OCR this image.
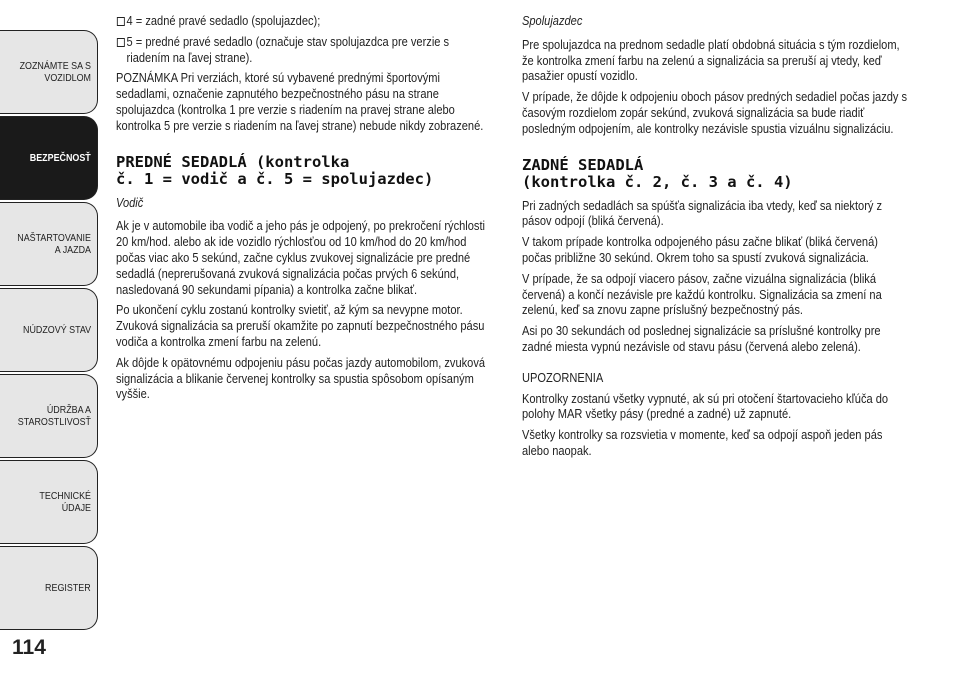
ZOZNÁMTE SA S VOZIDLOM
BEZPEČNOSŤ
NAŠTARTOVANIE A JAZDA
NÚDZOVÝ STAV
ÚDRŽBA A STAROSTLIVOSŤ
TECHNICKÉ ÚDAJE
REGISTER
114

4 = zadné pravé sedadlo (spolujazdec);

5 = predné pravé sedadlo (označuje stav spolujazdca pre verzie s riadením na ľavej strane).

POZNÁMKA Pri verziách, ktoré sú vybavené prednými športovými sedadlami, označenie zapnutého bezpečnostného pásu na strane spolujazdca (kontrolka 1 pre verzie s riadením na pravej strane alebo kontrolka 5 pre verzie s riadením na ľavej strane) nebude nikdy zobrazené.

PREDNÉ SEDADLÁ (kontrolka
č. 1 = vodič a č. 5 = spolujazdec)

Vodič

Ak je v automobile iba vodič a jeho pás je odpojený, po prekročení rýchlosti 20 km/hod. alebo ak ide vozidlo rýchlosťou od 10 km/hod do 20 km/hod počas viac ako 5 sekúnd, začne cyklus zvukovej signalizácie pre predné sedadlá (neprerušovaná zvuková signalizácia počas prvých 6 sekúnd, nasledovaná 90 sekundami pípania) a kontrolka začne blikať.

Po ukončení cyklu zostanú kontrolky svietiť, až kým sa nevypne motor. Zvuková signalizácia sa preruší okamžite po zapnutí bezpečnostného pásu vodiča a kontrolka zmení farbu na zelenú.

Ak dôjde k opätovnému odpojeniu pásu počas jazdy automobilom, zvuková signalizácia a blikanie červenej kontrolky sa spustia spôsobom opísaným vyššie.

Spolujazdec

Pre spolujazdca na prednom sedadle platí obdobná situácia s tým rozdielom, že kontrolka zmení farbu na zelenú a signalizácia sa preruší aj vtedy, keď pasažier opustí vozidlo.

V prípade, že dôjde k odpojeniu oboch pásov predných sedadiel počas jazdy s časovým rozdielom zopár sekúnd, zvuková signalizácia sa bude riadiť posledným odpojením, ale kontrolky nezávisle spustia vizuálnu signalizáciu.

ZADNÉ SEDADLÁ
(kontrolka č. 2, č. 3 a č. 4)

Pri zadných sedadlách sa spúšťa signalizácia iba vtedy, keď sa niektorý z pásov odpojí (bliká červená).

V takom prípade kontrolka odpojeného pásu začne blikať (bliká červená) počas približne 30 sekúnd. Okrem toho sa spustí zvuková signalizácia.

V prípade, že sa odpojí viacero pásov, začne vizuálna signalizácia (bliká červená) a končí nezávisle pre každú kontrolku. Signalizácia sa zmení na zelenú, keď sa znovu zapne príslušný bezpečnostný pás.

Asi po 30 sekundách od poslednej signalizácie sa príslušné kontrolky pre zadné miesta vypnú nezávisle od stavu pásu (červená alebo zelená).

UPOZORNENIA

Kontrolky zostanú všetky vypnuté, ak sú pri otočení štartovacieho kľúča do polohy MAR všetky pásy (predné a zadné) už zapnuté.

Všetky kontrolky sa rozsvietia v momente, keď sa odpojí aspoň jeden pás alebo naopak.
